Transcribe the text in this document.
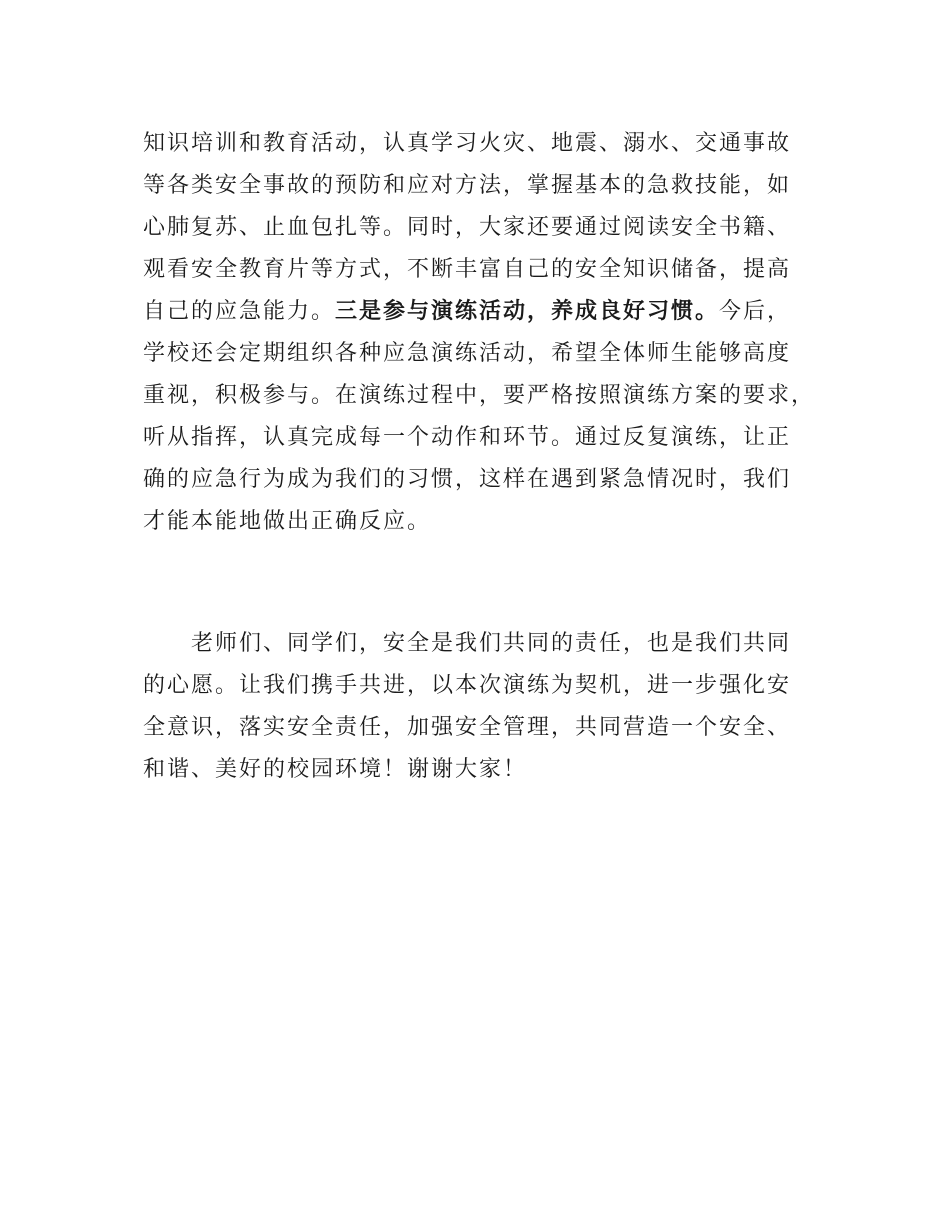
知识培训和教育活动，认真学习火灾、地震、溺水、交通事故
等各类安全事故的预防和应对方法，掌握基本的急救技能，如
心肺复苏、止血包扎等。同时，大家还要通过阅读安全书籍、
观看安全教育片等方式，不断丰富自己的安全知识储备，提高
自己的应急能力。三是参与演练活动，养成良好习惯。今后，
学校还会定期组织各种应急演练活动，希望全体师生能够高度
重视，积极参与。在演练过程中，要严格按照演练方案的要求，
听从指挥，认真完成每一个动作和环节。通过反复演练，让正
确的应急行为成为我们的习惯，这样在遇到紧急情况时，我们
才能本能地做出正确反应。
老师们、同学们，安全是我们共同的责任，也是我们共同
的心愿。让我们携手共进，以本次演练为契机，进一步强化安
全意识，落实安全责任，加强安全管理，共同营造一个安全、
和谐、美好的校园环境！谢谢大家！
